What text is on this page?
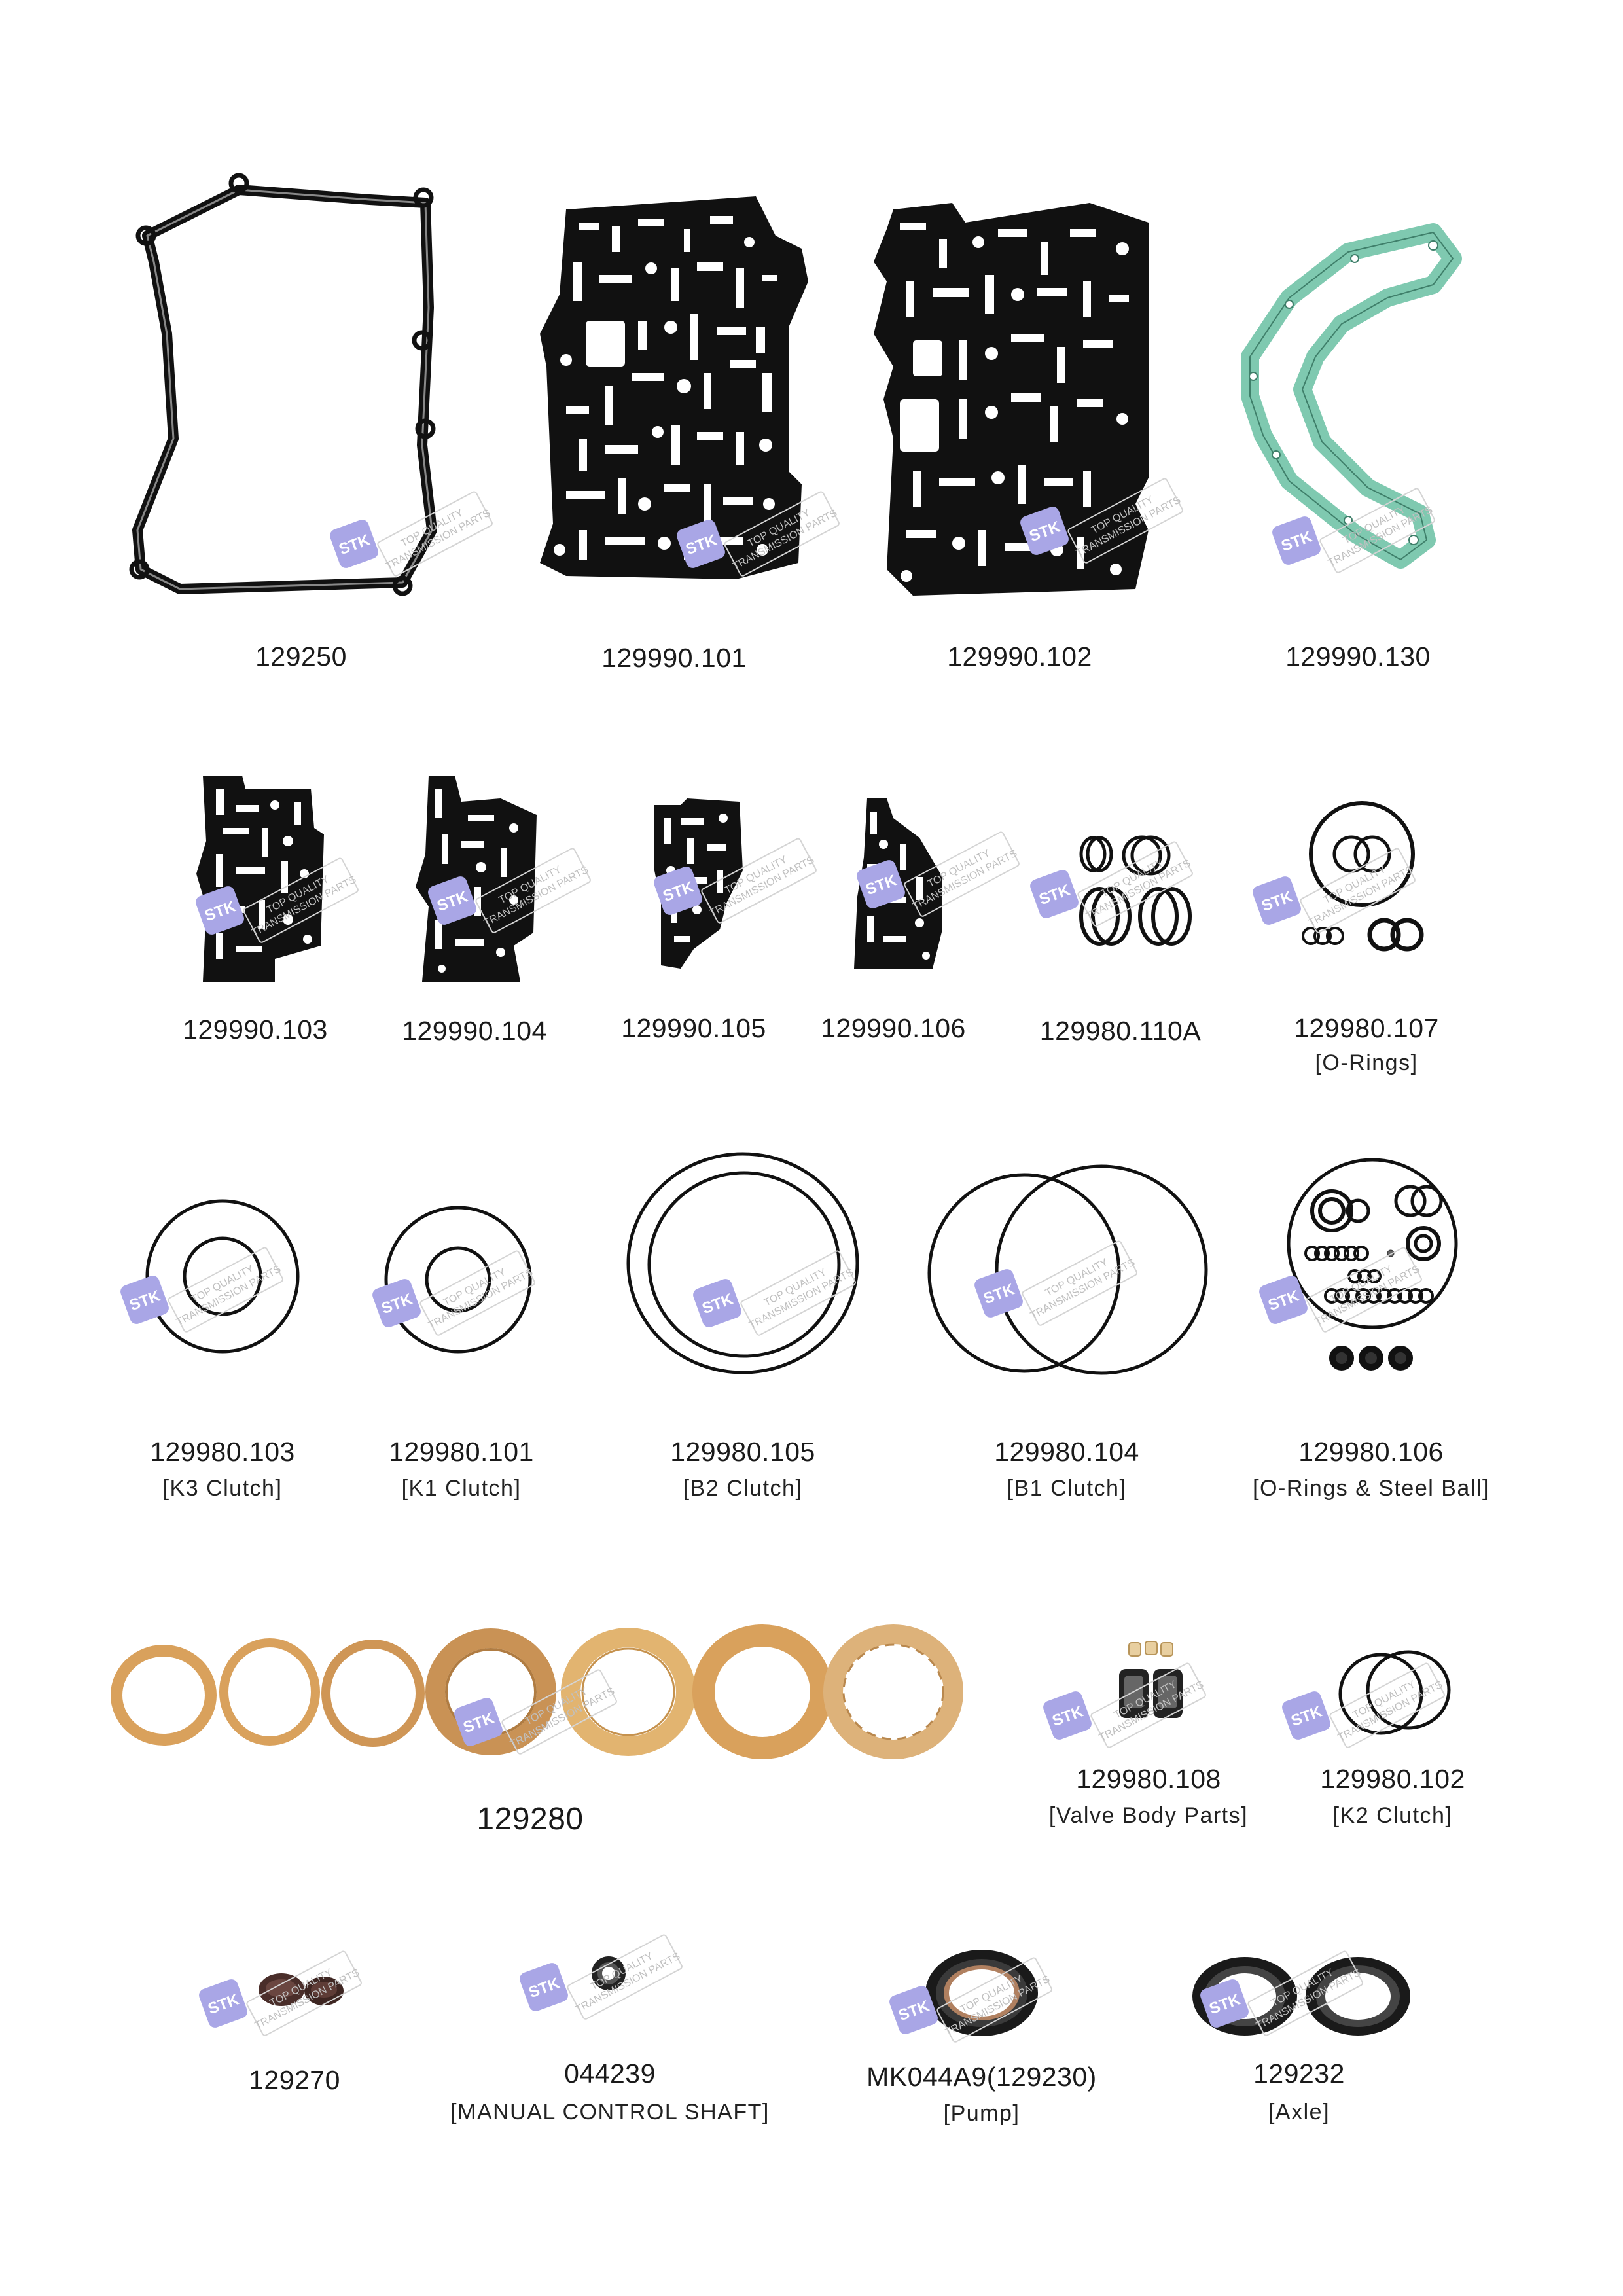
129250	129990.101	129990.102	129990.130
129990.103	129990.104	129990.105 129990.106	129980.110A	129980.107
[O-Rings]
129980.103
[K3 Clutch]
129980.101
[K1 Clutch]
129980.105
[B2 Clutch]
129980.104
[B1 Clutch]
129980.106
[O-Rings & Steel Ball]
129280
129980.108
[Valve Body Parts]
129980.102
[K2 Clutch]
129270	044239
[MANUAL CONTROL SHAFT]
MK044A9(129230)
[Pump]
129232
[Axle]
